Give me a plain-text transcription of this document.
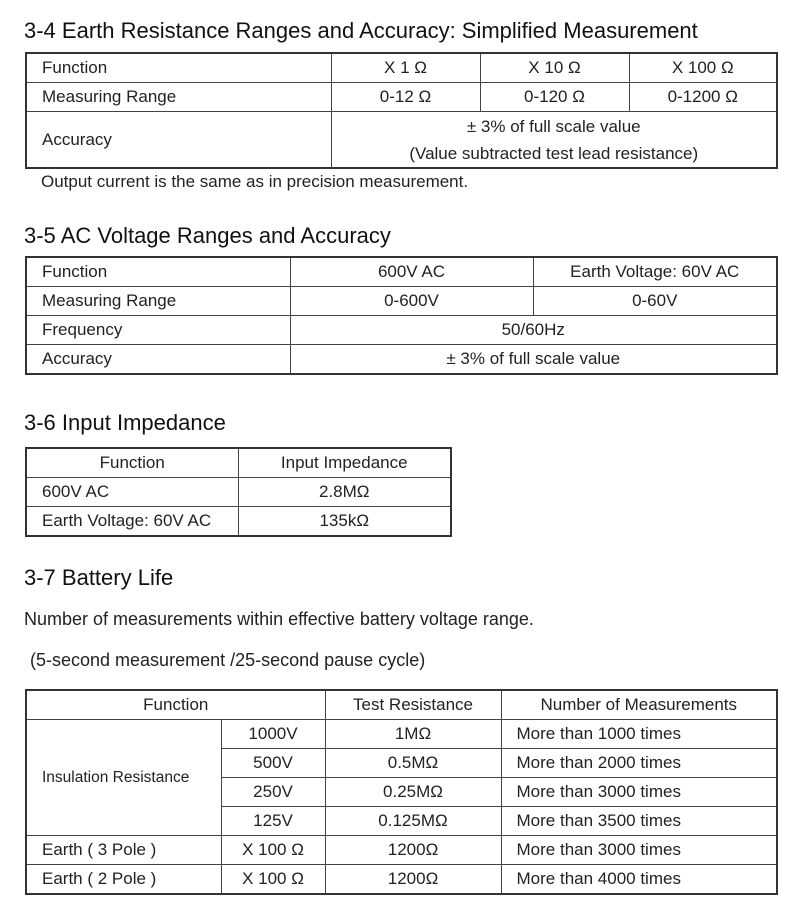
3-4 Earth Resistance Ranges and Accuracy: Simplified Measurement
Function	X 1 Ω	X 10 Ω	X 100 Ω
Measuring Range	0-12 Ω	0-120 Ω	0-1200 Ω
Accuracy	± 3% of full scale value
(Value subtracted test lead resistance)		

Output current is the same as in precision measurement.

3-5 AC Voltage Ranges and Accuracy
Function	600V AC	Earth Voltage: 60V AC
Measuring Range	0-600V	0-60V
Frequency	50/60Hz	
Accuracy	± 3% of full scale value	
3-6 Input Impedance
Function	Input Impedance
600V AC	2.8MΩ
Earth Voltage: 60V AC	135kΩ
3-7 Battery Life

Number of measurements within effective battery voltage range.

(5-second measurement /25-second pause cycle)

Function		Test Resistance	Number of Measurements
Insulation Resistance	1000V	1MΩ	More than 1000 times
	500V	0.5MΩ	More than 2000 times
	250V	0.25MΩ	More than 3000 times
	125V	0.125MΩ	More than 3500 times
Earth ( 3 Pole )	X 100 Ω	1200Ω	More than 3000 times
Earth ( 2 Pole )	X 100 Ω	1200Ω	More than 4000 times
